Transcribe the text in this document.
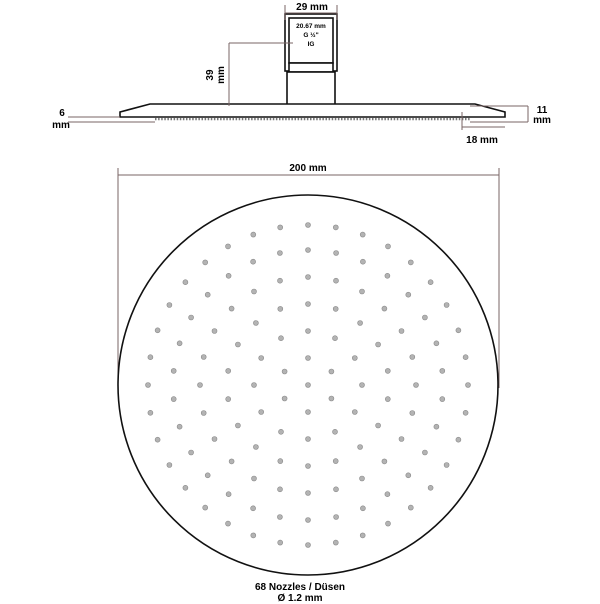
29 mm
20.67 mm
G ½"
IG
39 mm
6
mm
11
mm
18 mm
200 mm
68 Nozzles / Düsen
Ø 1.2 mm
